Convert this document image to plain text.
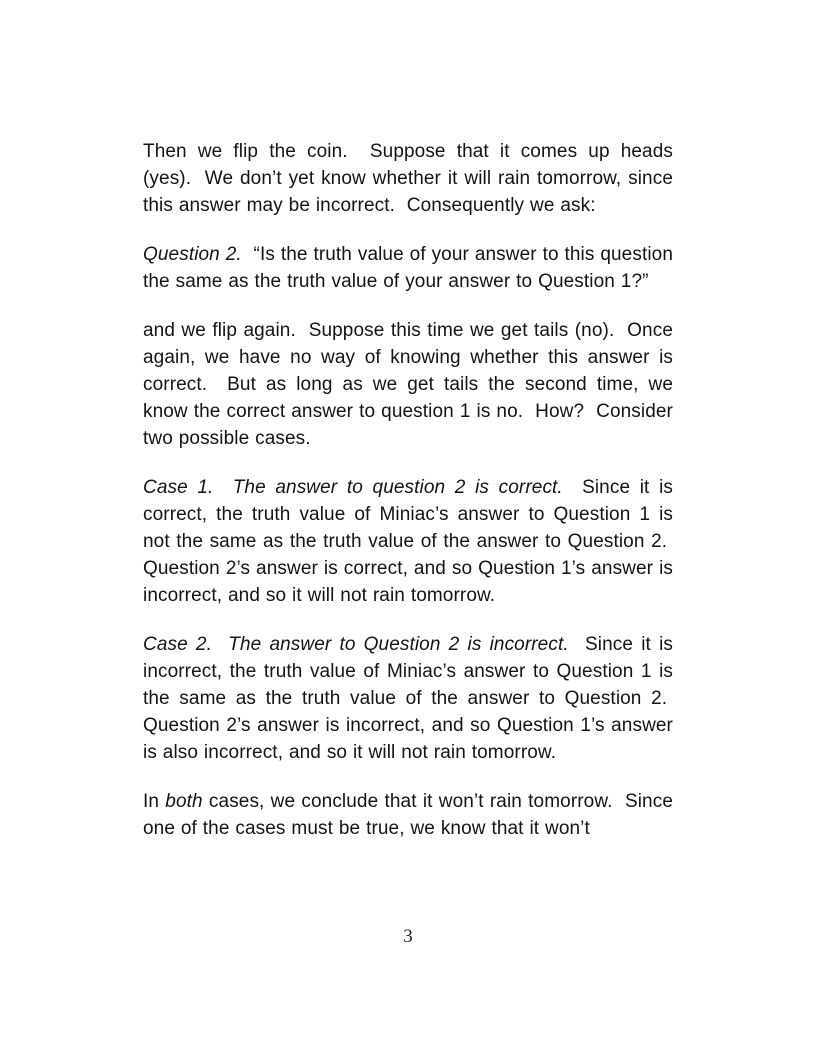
Then we flip the coin.  Suppose that it comes up heads (yes).  We don’t yet know whether it will rain tomorrow, since this answer may be incorrect.  Consequently we ask:

Question 2.  “Is the truth value of your answer to this question the same as the truth value of your answer to Question 1?”

and we flip again.  Suppose this time we get tails (no).  Once again, we have no way of knowing whether this answer is correct.  But as long as we get tails the second time, we know the correct answer to question 1 is no.  How?  Consider two possible cases.

Case 1.  The answer to question 2 is correct.  Since it is correct, the truth value of Miniac’s answer to Question 1 is not the same as the truth value of the answer to Question 2.  Question 2’s answer is correct, and so Question 1’s answer is incorrect, and so it will not rain tomorrow.

Case 2.  The answer to Question 2 is incorrect.  Since it is incorrect, the truth value of Miniac’s answer to Question 1 is the same as the truth value of the answer to Question 2.  Question 2’s answer is incorrect, and so Question 1’s answer is also incorrect, and so it will not rain tomorrow.

In both cases, we conclude that it won’t rain tomorrow.  Since one of the cases must be true, we know that it won’t

3
